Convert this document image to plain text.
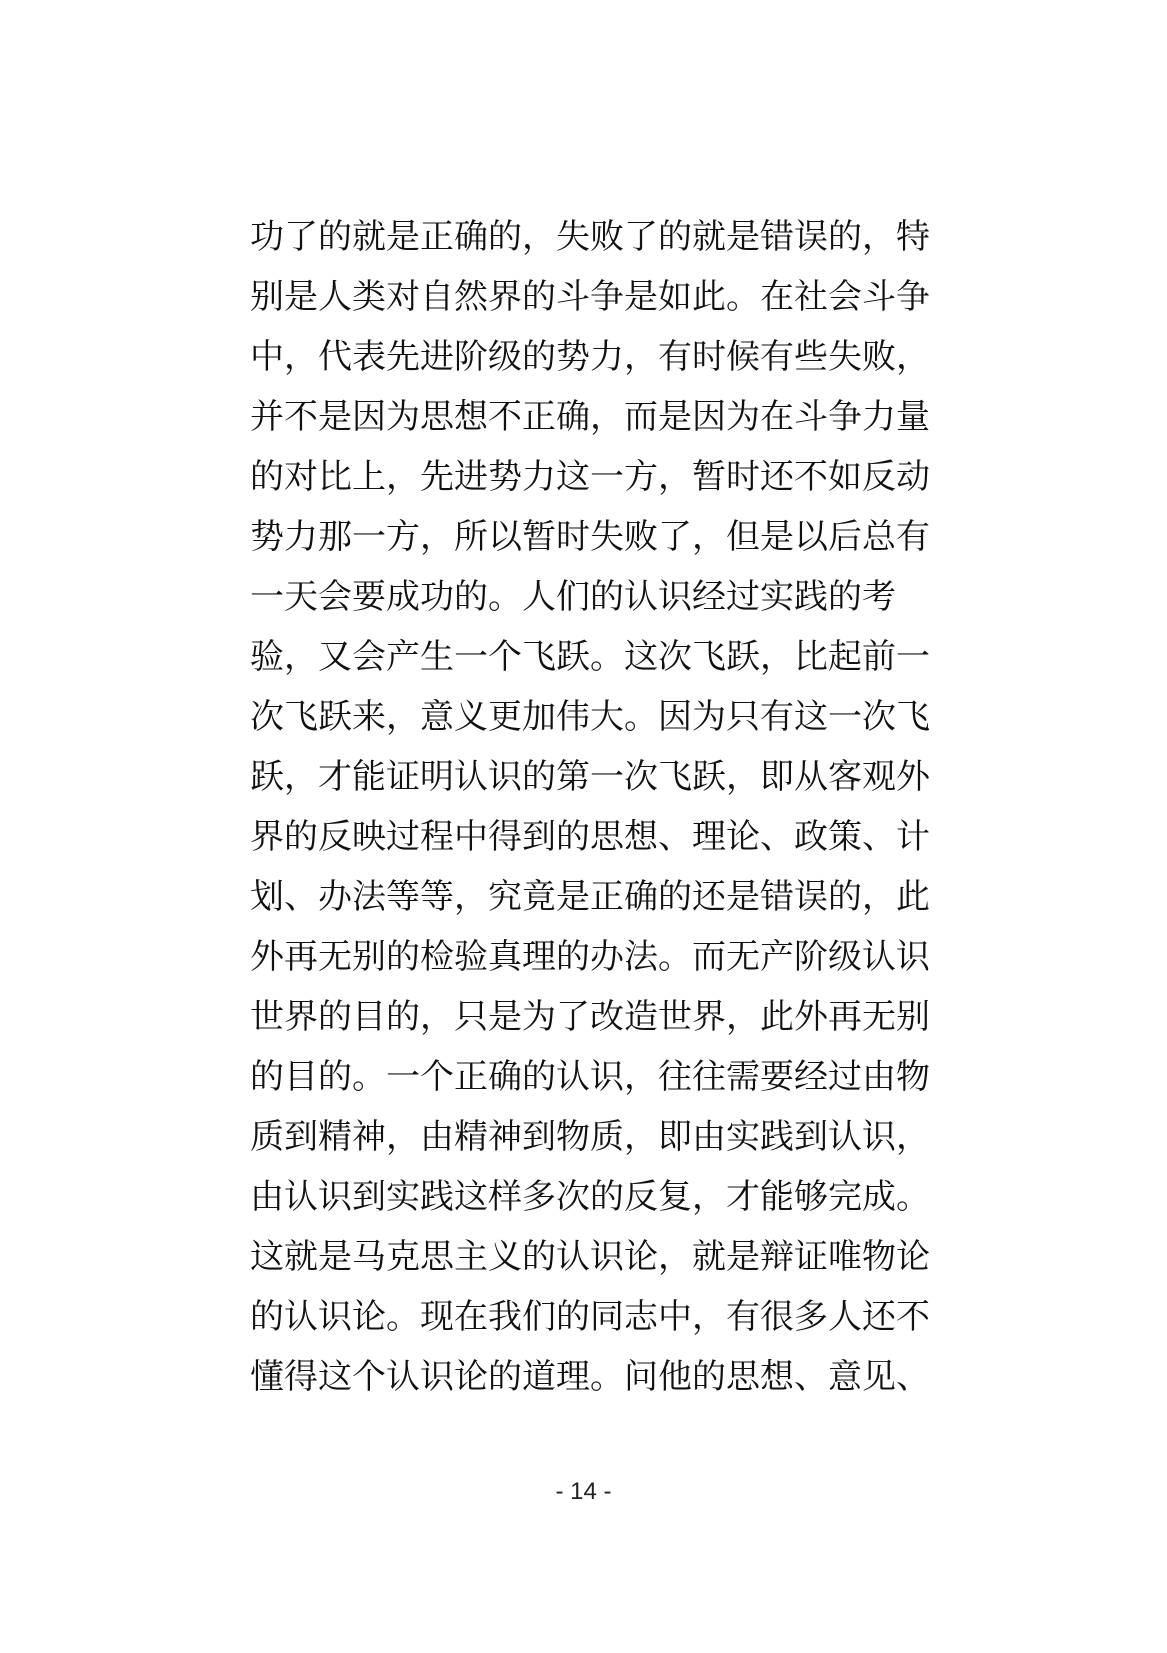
功了的就是正确的，失败了的就是错误的，特
别是人类对自然界的斗争是如此。在社会斗争
中，代表先进阶级的势力，有时候有些失败，
并不是因为思想不正确，而是因为在斗争力量
的对比上，先进势力这一方，暂时还不如反动
势力那一方，所以暂时失败了，但是以后总有
一天会要成功的。人们的认识经过实践的考
验，又会产生一个飞跃。这次飞跃，比起前一
次飞跃来，意义更加伟大。因为只有这一次飞
跃，才能证明认识的第一次飞跃，即从客观外
界的反映过程中得到的思想、理论、政策、计
划、办法等等，究竟是正确的还是错误的，此
外再无别的检验真理的办法。而无产阶级认识
世界的目的，只是为了改造世界，此外再无别
的目的。一个正确的认识，往往需要经过由物
质到精神，由精神到物质，即由实践到认识，
由认识到实践这样多次的反复，才能够完成。
这就是马克思主义的认识论，就是辩证唯物论
的认识论。现在我们的同志中，有很多人还不
懂得这个认识论的道理。问他的思想、意见、
- 14 -
